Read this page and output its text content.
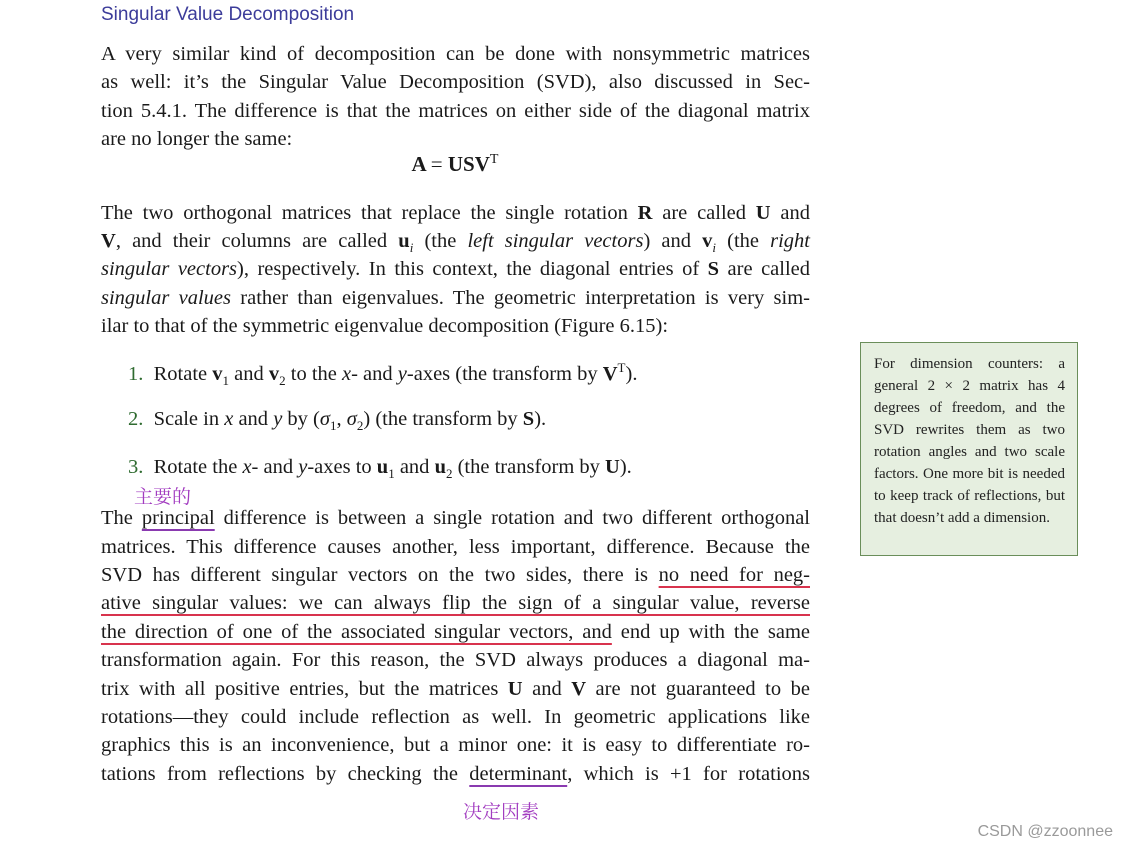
Singular Value Decomposition
A very similar kind of decomposition can be done with nonsymmetric matrices
as well: it’s the Singular Value Decomposition (SVD), also discussed in Sec-
tion 5.4.1. The difference is that the matrices on either side of the diagonal matrix
are no longer the same:
$A = USV^T$
The two orthogonal matrices that replace the single rotation R are called U and
V, and their columns are called $u_i$ (the left singular vectors) and $v_i$ (the right
singular vectors), respectively. In this context, the diagonal entries of S are called
singular values rather than eigenvalues. The geometric interpretation is very sim-
ilar to that of the symmetric eigenvalue decomposition (Figure 6.15):
1. Rotate $v_1$ and $v_2$ to the x- and y-axes (the transform by $V^T$).
2. Scale in x and y by ($\sigma_1$, $\sigma_2$) (the transform by S).
3. Rotate the x- and y-axes to $u_1$ and $u_2$ (the transform by U).
主要的
The principal difference is between a single rotation and two different orthogonal
matrices. This difference causes another, less important, difference. Because the
SVD has different singular vectors on the two sides, there is no need for neg-
ative singular values: we can always flip the sign of a singular value, reverse
the direction of one of the associated singular vectors, and end up with the same
transformation again. For this reason, the SVD always produces a diagonal ma-
trix with all positive entries, but the matrices U and V are not guaranteed to be
rotations—they could include reflection as well. In geometric applications like
graphics this is an inconvenience, but a minor one: it is easy to differentiate ro-
tations from reflections by checking the determinant, which is +1 for rotations
决定因素
For dimension counters: a general 2 × 2 matrix has 4 degrees of freedom, and the SVD rewrites them as two rotation angles and two scale factors. One more bit is needed to keep track of reflections, but that doesn’t add a dimension.
CSDN @zzoonnee
